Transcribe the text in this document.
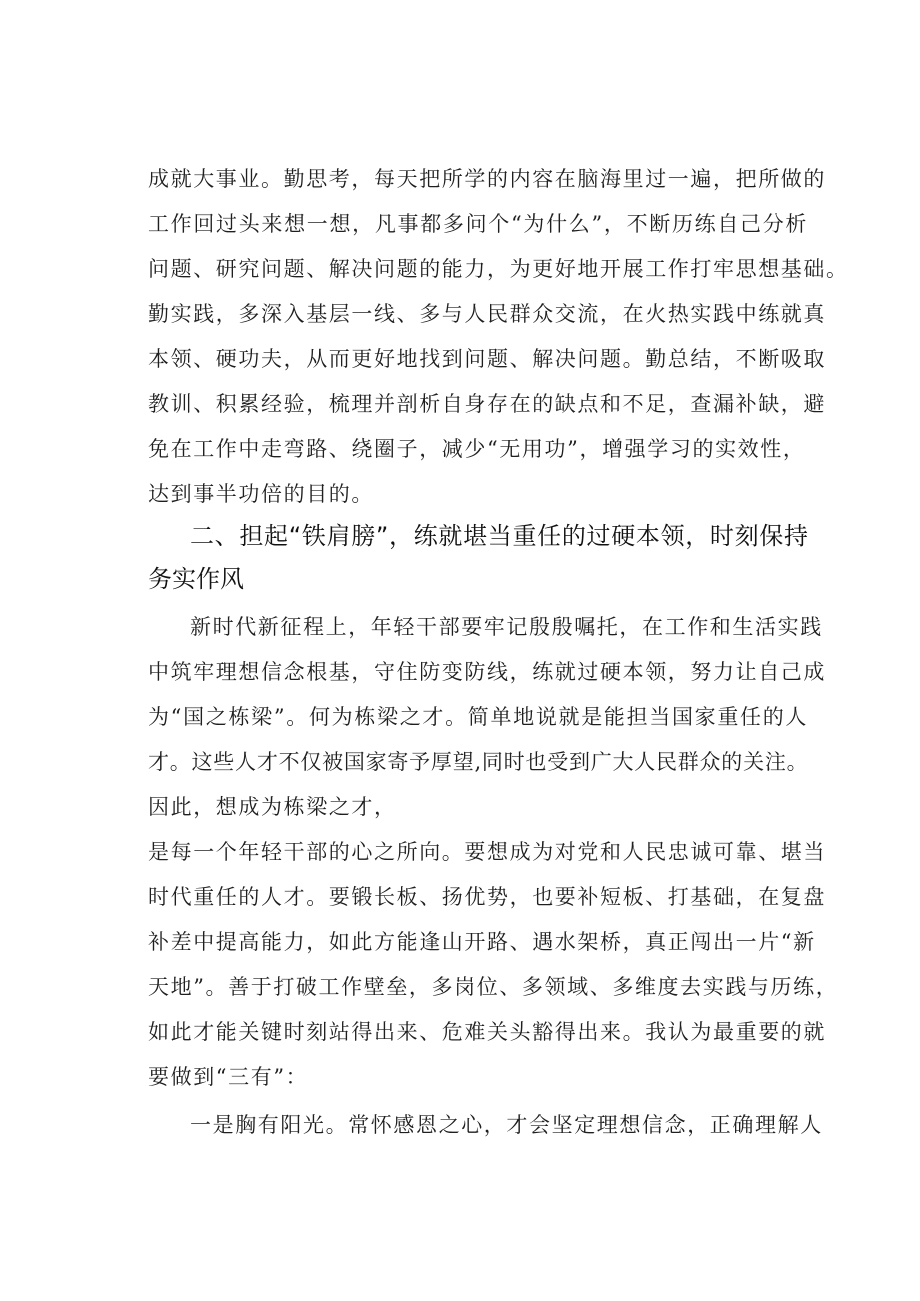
成就大事业。勤思考，每天把所学的内容在脑海里过一遍，把所做的
工作回过头来想一想，凡事都多问个“为什么”，不断历练自己分析
问题、研究问题、解决问题的能力，为更好地开展工作打牢思想基础。
勤实践，多深入基层一线、多与人民群众交流，在火热实践中练就真
本领、硬功夫，从而更好地找到问题、解决问题。勤总结，不断吸取
教训、积累经验，梳理并剖析自身存在的缺点和不足，查漏补缺，避
免在工作中走弯路、绕圈子，减少“无用功”，增强学习的实效性，
达到事半功倍的目的。
二、担起“铁肩膀”，练就堪当重任的过硬本领，时刻保持
务实作风
新时代新征程上，年轻干部要牢记殷殷嘱托，在工作和生活实践
中筑牢理想信念根基，守住防变防线，练就过硬本领，努力让自己成
为“国之栋梁”。何为栋梁之才。简单地说就是能担当国家重任的人
才。这些人才不仅被国家寄予厚望,同时也受到广大人民群众的关注。
因此，想成为栋梁之才，
是每一个年轻干部的心之所向。要想成为对党和人民忠诚可靠、堪当
时代重任的人才。要锻长板、扬优势，也要补短板、打基础，在复盘
补差中提高能力，如此方能逢山开路、遇水架桥，真正闯出一片“新
天地”。善于打破工作壁垒，多岗位、多领域、多维度去实践与历练，
如此才能关键时刻站得出来、危难关头豁得出来。我认为最重要的就
要做到“三有”：
一是胸有阳光。常怀感恩之心，才会坚定理想信念，正确理解人
